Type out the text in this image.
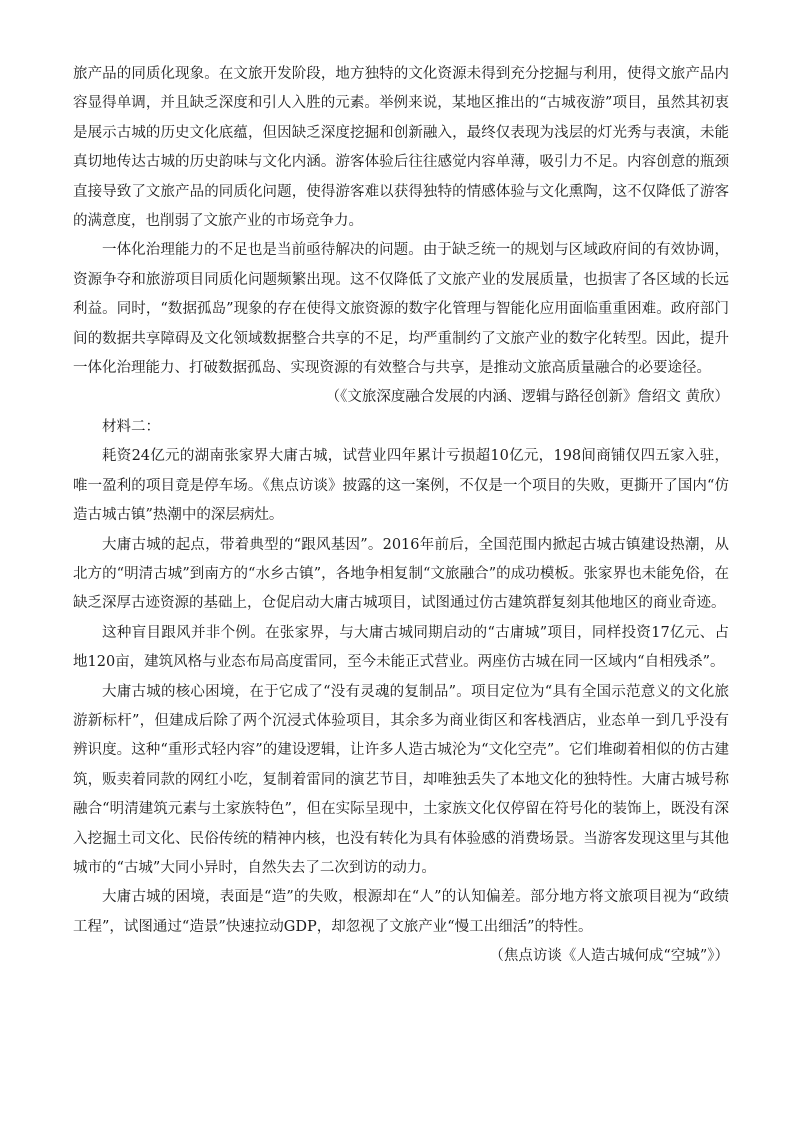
旅产品的同质化现象。在文旅开发阶段，地方独特的文化资源未得到充分挖掘与利用，使得文旅产品内容显得单调，并且缺乏深度和引人入胜的元素。举例来说，某地区推出的“古城夜游”项目，虽然其初衷是展示古城的历史文化底蕴，但因缺乏深度挖掘和创新融入，最终仅表现为浅层的灯光秀与表演，未能真切地传达古城的历史韵味与文化内涵。游客体验后往往感觉内容单薄，吸引力不足。内容创意的瓶颈直接导致了文旅产品的同质化问题，使得游客难以获得独特的情感体验与文化熏陶，这不仅降低了游客的满意度，也削弱了文旅产业的市场竞争力。

一体化治理能力的不足也是当前亟待解决的问题。由于缺乏统一的规划与区域政府间的有效协调，资源争夺和旅游项目同质化问题频繁出现。这不仅降低了文旅产业的发展质量，也损害了各区域的长远利益。同时，“数据孤岛”现象的存在使得文旅资源的数字化管理与智能化应用面临重重困难。政府部门间的数据共享障碍及文化领域数据整合共享的不足，均严重制约了文旅产业的数字化转型。因此，提升一体化治理能力、打破数据孤岛、实现资源的有效整合与共享，是推动文旅高质量融合的必要途径。

（《文旅深度融合发展的内涵、逻辑与路径创新》詹绍文 黄欣）

材料二：

耗资24亿元的湖南张家界大庸古城，试营业四年累计亏损超10亿元，198间商铺仅四五家入驻，唯一盈利的项目竟是停车场。《焦点访谈》披露的这一案例，不仅是一个项目的失败，更撕开了国内“仿造古城古镇”热潮中的深层病灶。

大庸古城的起点，带着典型的“跟风基因”。2016年前后，全国范围内掀起古城古镇建设热潮，从北方的“明清古城”到南方的“水乡古镇”，各地争相复制“文旅融合”的成功模板。张家界也未能免俗，在缺乏深厚古迹资源的基础上，仓促启动大庸古城项目，试图通过仿古建筑群复刻其他地区的商业奇迹。

这种盲目跟风并非个例。在张家界，与大庸古城同期启动的“古庸城”项目，同样投资17亿元、占地120亩，建筑风格与业态布局高度雷同，至今未能正式营业。两座仿古城在同一区域内“自相残杀”。

大庸古城的核心困境，在于它成了“没有灵魂的复制品”。项目定位为“具有全国示范意义的文化旅游新标杆”，但建成后除了两个沉浸式体验项目，其余多为商业街区和客栈酒店，业态单一到几乎没有辨识度。这种“重形式轻内容”的建设逻辑，让许多人造古城沦为“文化空壳”。它们堆砌着相似的仿古建筑，贩卖着同款的网红小吃，复制着雷同的演艺节目，却唯独丢失了本地文化的独特性。大庸古城号称融合“明清建筑元素与土家族特色”，但在实际呈现中，土家族文化仅停留在符号化的装饰上，既没有深入挖掘土司文化、民俗传统的精神内核，也没有转化为具有体验感的消费场景。当游客发现这里与其他城市的“古城”大同小异时，自然失去了二次到访的动力。

大庸古城的困境，表面是“造”的失败，根源却在“人”的认知偏差。部分地方将文旅项目视为“政绩工程”，试图通过“造景”快速拉动GDP，却忽视了文旅产业“慢工出细活”的特性。

（焦点访谈《人造古城何成“空城”》）
